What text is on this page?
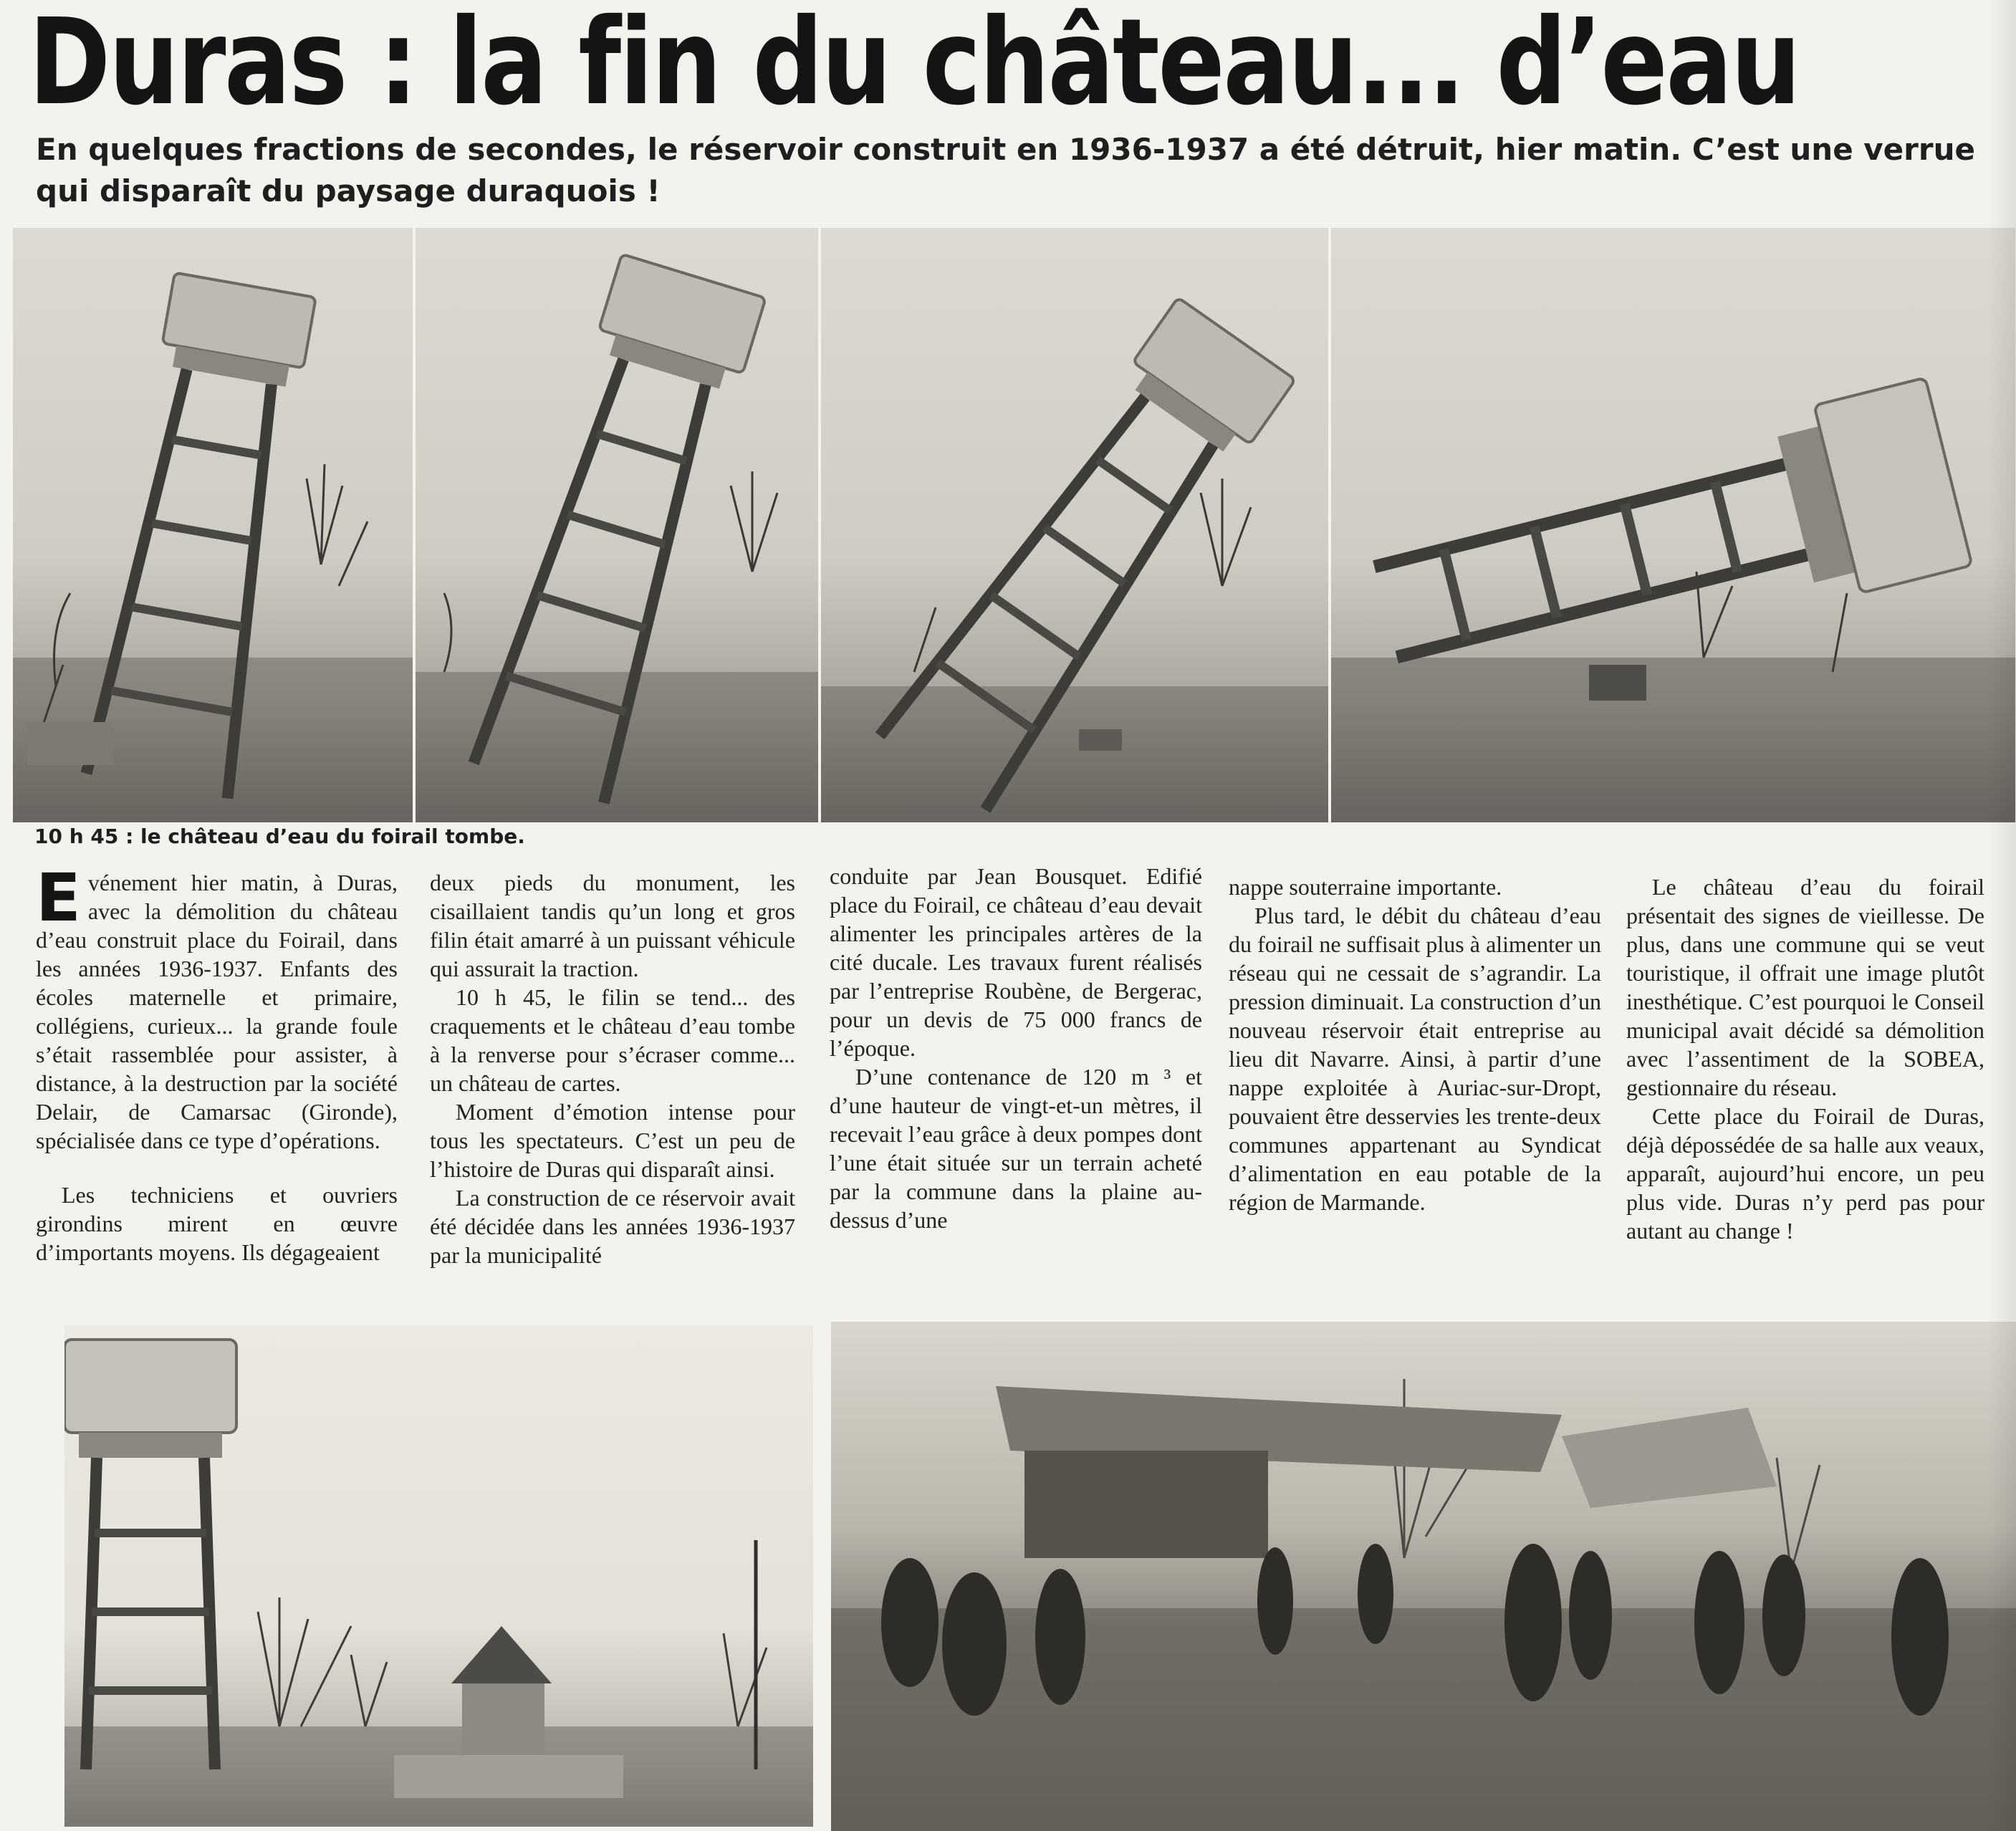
Duras : la fin du château... d’eau
En quelques fractions de secondes, le réservoir construit en 1936-1937 a été détruit, hier matin. C’est une verrue qui disparaît du paysage duraquois !
10 h 45 : le château d’eau du foirail tombe.

Evénement hier matin, à Duras, avec la démolition du château d’eau construit place du Foirail, dans les années 1936-1937. Enfants des écoles maternelle et primaire, collégiens, curieux... la grande foule s’était rassemblée pour assister, à distance, à la destruction par la société Delair, de Camarsac (Gironde), spécialisée dans ce type d’opérations.

Les techniciens et ouvriers girondins mirent en œuvre d’importants moyens. Ils dégageaient

deux pieds du monument, les cisaillaient tandis qu’un long et gros filin était amarré à un puissant véhicule qui assurait la traction.

10 h 45, le filin se tend... des craquements et le château d’eau tombe à la renverse pour s’écraser comme... un château de cartes.

Moment d’émotion intense pour tous les spectateurs. C’est un peu de l’histoire de Duras qui disparaît ainsi.

La construction de ce réservoir avait été décidée dans les années 1936-1937 par la municipalité

conduite par Jean Bousquet. Edifié place du Foirail, ce château d’eau devait alimenter les principales artères de la cité ducale. Les travaux furent réalisés par l’entreprise Roubène, de Bergerac, pour un devis de 75 000 francs de l’époque.

D’une contenance de 120 m ³ et d’une hauteur de vingt-et-un mètres, il recevait l’eau grâce à deux pompes dont l’une était située sur un terrain acheté par la commune dans la plaine au-dessus d’une

nappe souterraine importante.

Plus tard, le débit du château d’eau du foirail ne suffisait plus à alimenter un réseau qui ne cessait de s’agrandir. La pression diminuait. La construction d’un nouveau réservoir était entreprise au lieu dit Navarre. Ainsi, à partir d’une nappe exploitée à Auriac-sur-Dropt, pouvaient être desservies les trente-deux communes appartenant au Syndicat d’alimentation en eau potable de la région de Marmande.

Le château d’eau du foirail présentait des signes de vieillesse. De plus, dans une commune qui se veut touristique, il offrait une image plutôt inesthétique. C’est pourquoi le Conseil municipal avait décidé sa démolition avec l’assentiment de la SOBEA, gestionnaire du réseau.

Cette place du Foirail de Duras, déjà dépossédée de sa halle aux veaux, apparaît, aujourd’hui encore, un peu plus vide. Duras n’y perd pas pour autant au change !
